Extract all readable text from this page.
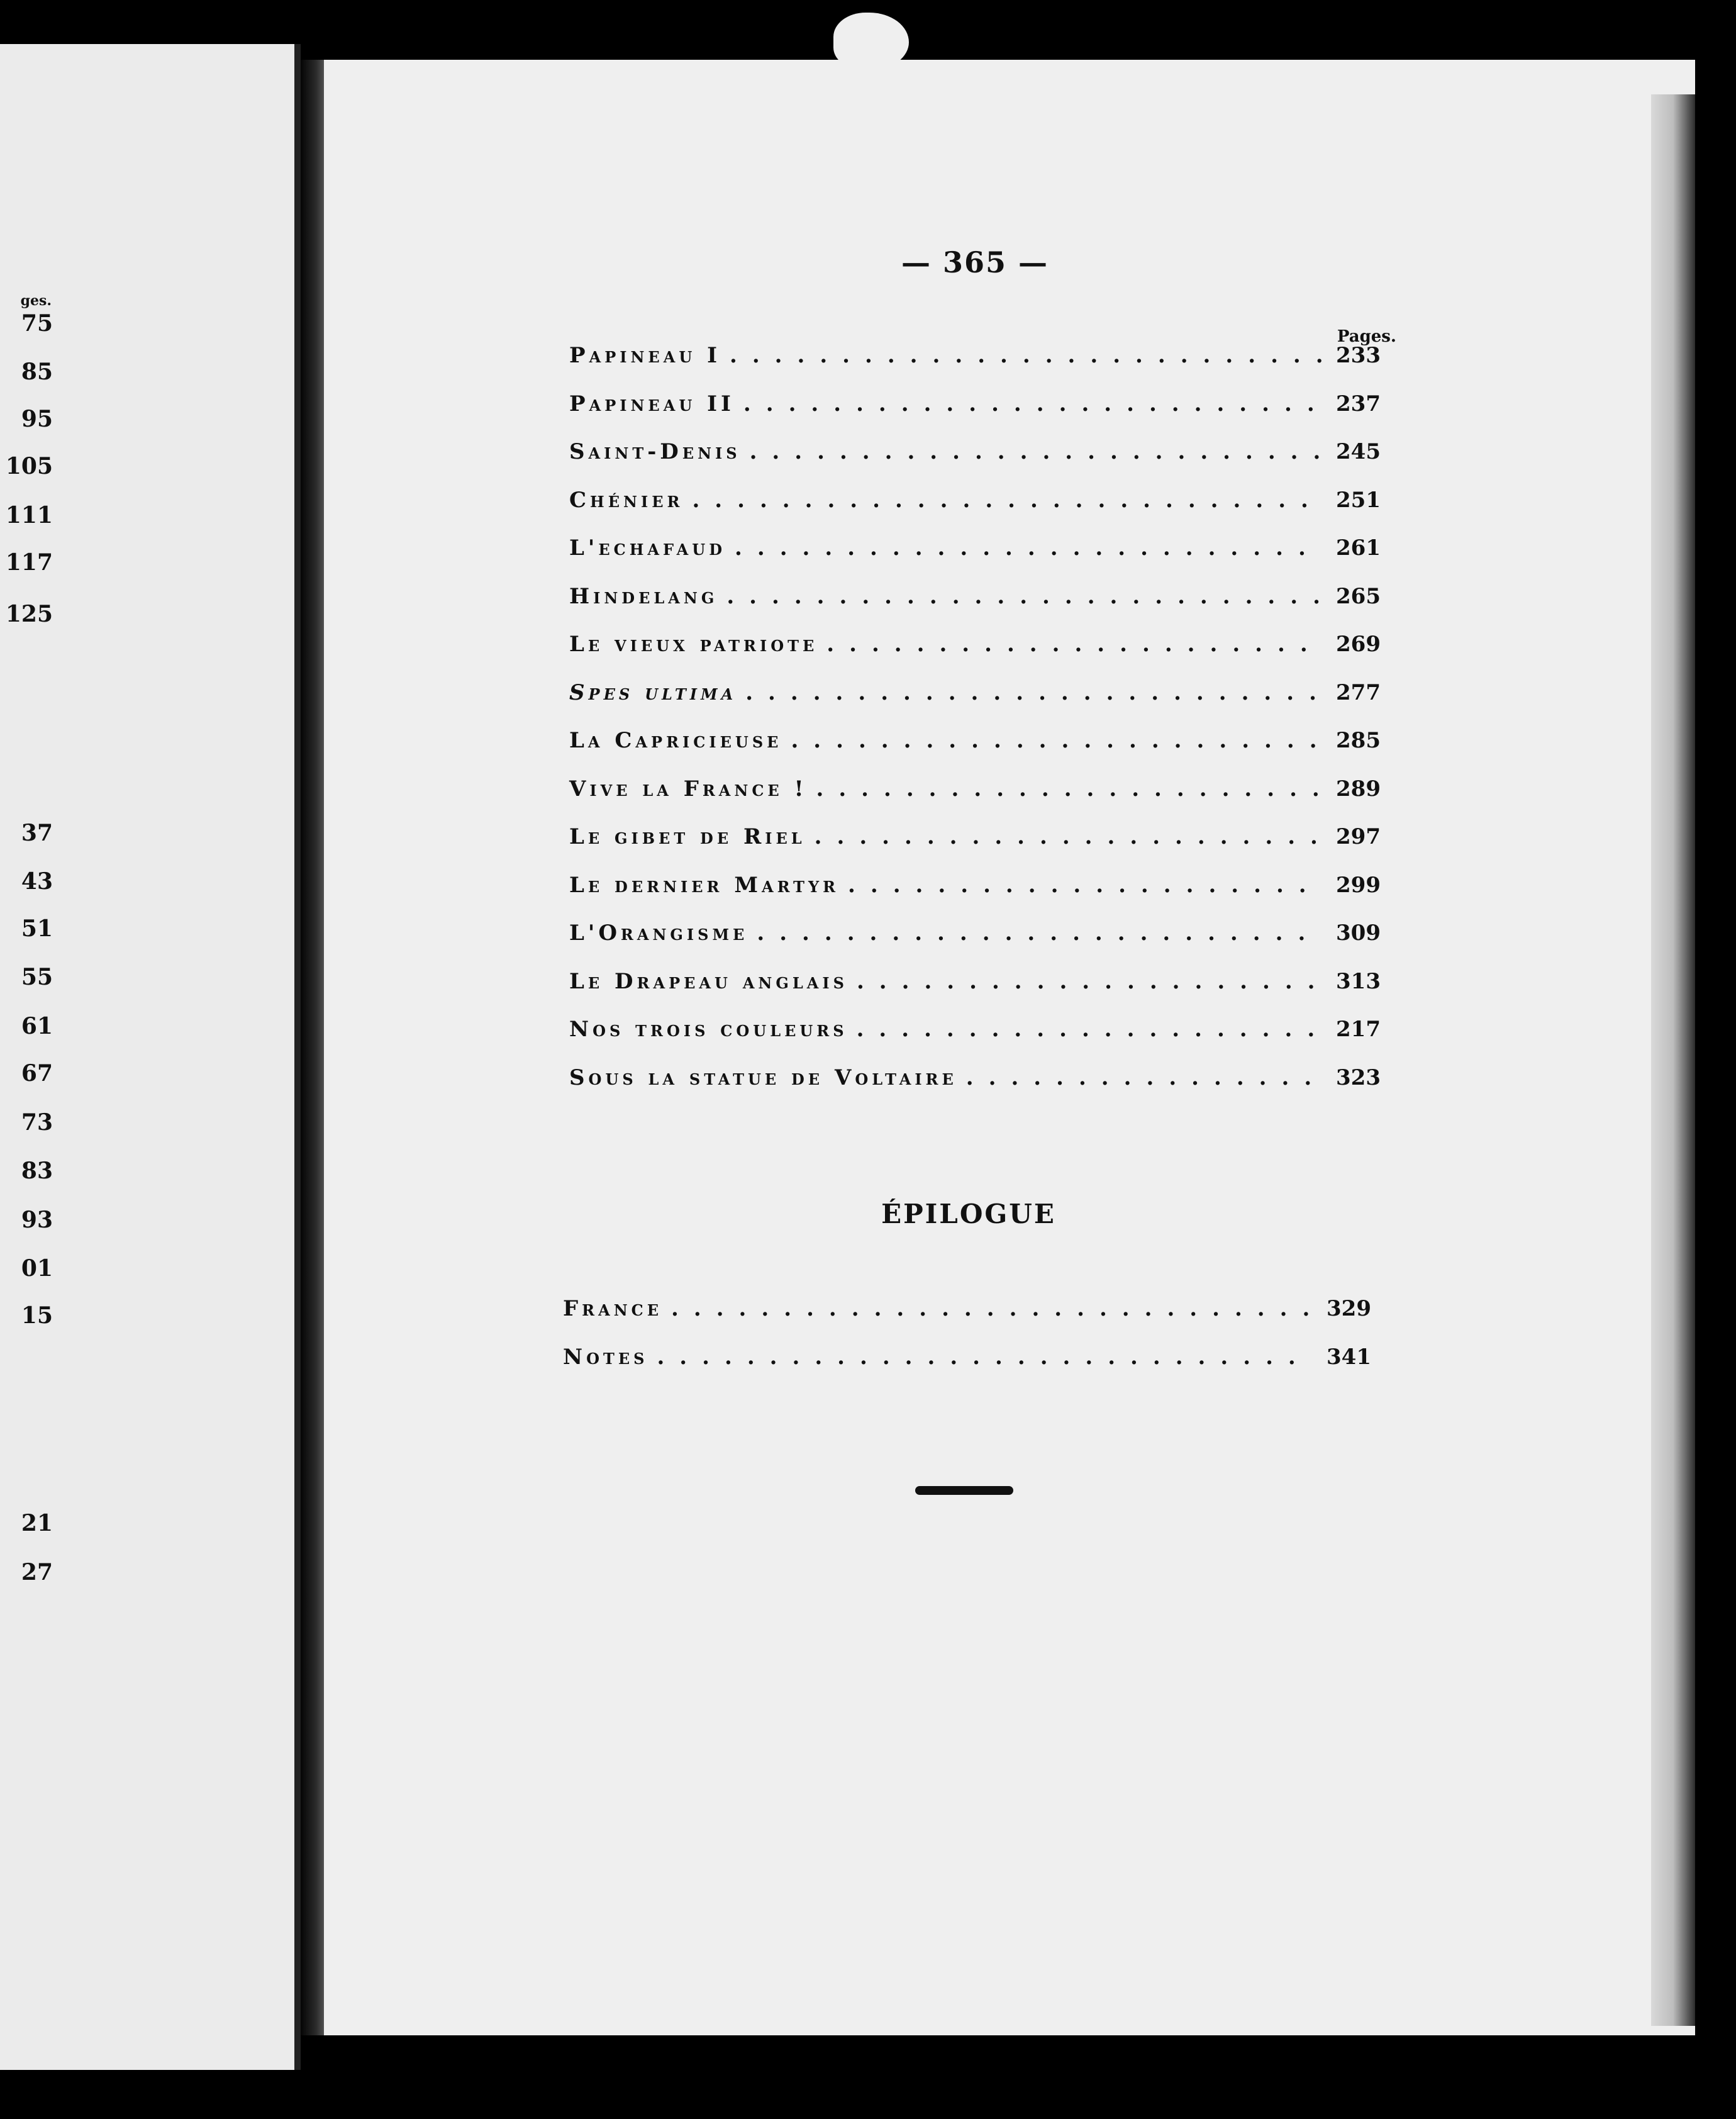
ges.
75
85
95
105
111
117
125
37
43
51
55
61
67
73
83
93
01
15
21
27
— 365 —
Pages.
Papineau I .....	233
Papineau II .....	237
Saint-Denis .....	245
Chénier .....	251
L'echafaud .....	261
Hindelang .....	265
Le vieux patriote .....	269
Spes ultima .....	277
La Capricieuse .....	285
Vive la France ! .....	289
Le gibet de Riel .....	297
Le dernier Martyr .....	299
L'Orangisme .....	309
Le Drapeau anglais .....	313
Nos trois couleurs .....	217
Sous la statue de Voltaire .....	323
ÉPILOGUE
France .....	329
Notes .....	341
